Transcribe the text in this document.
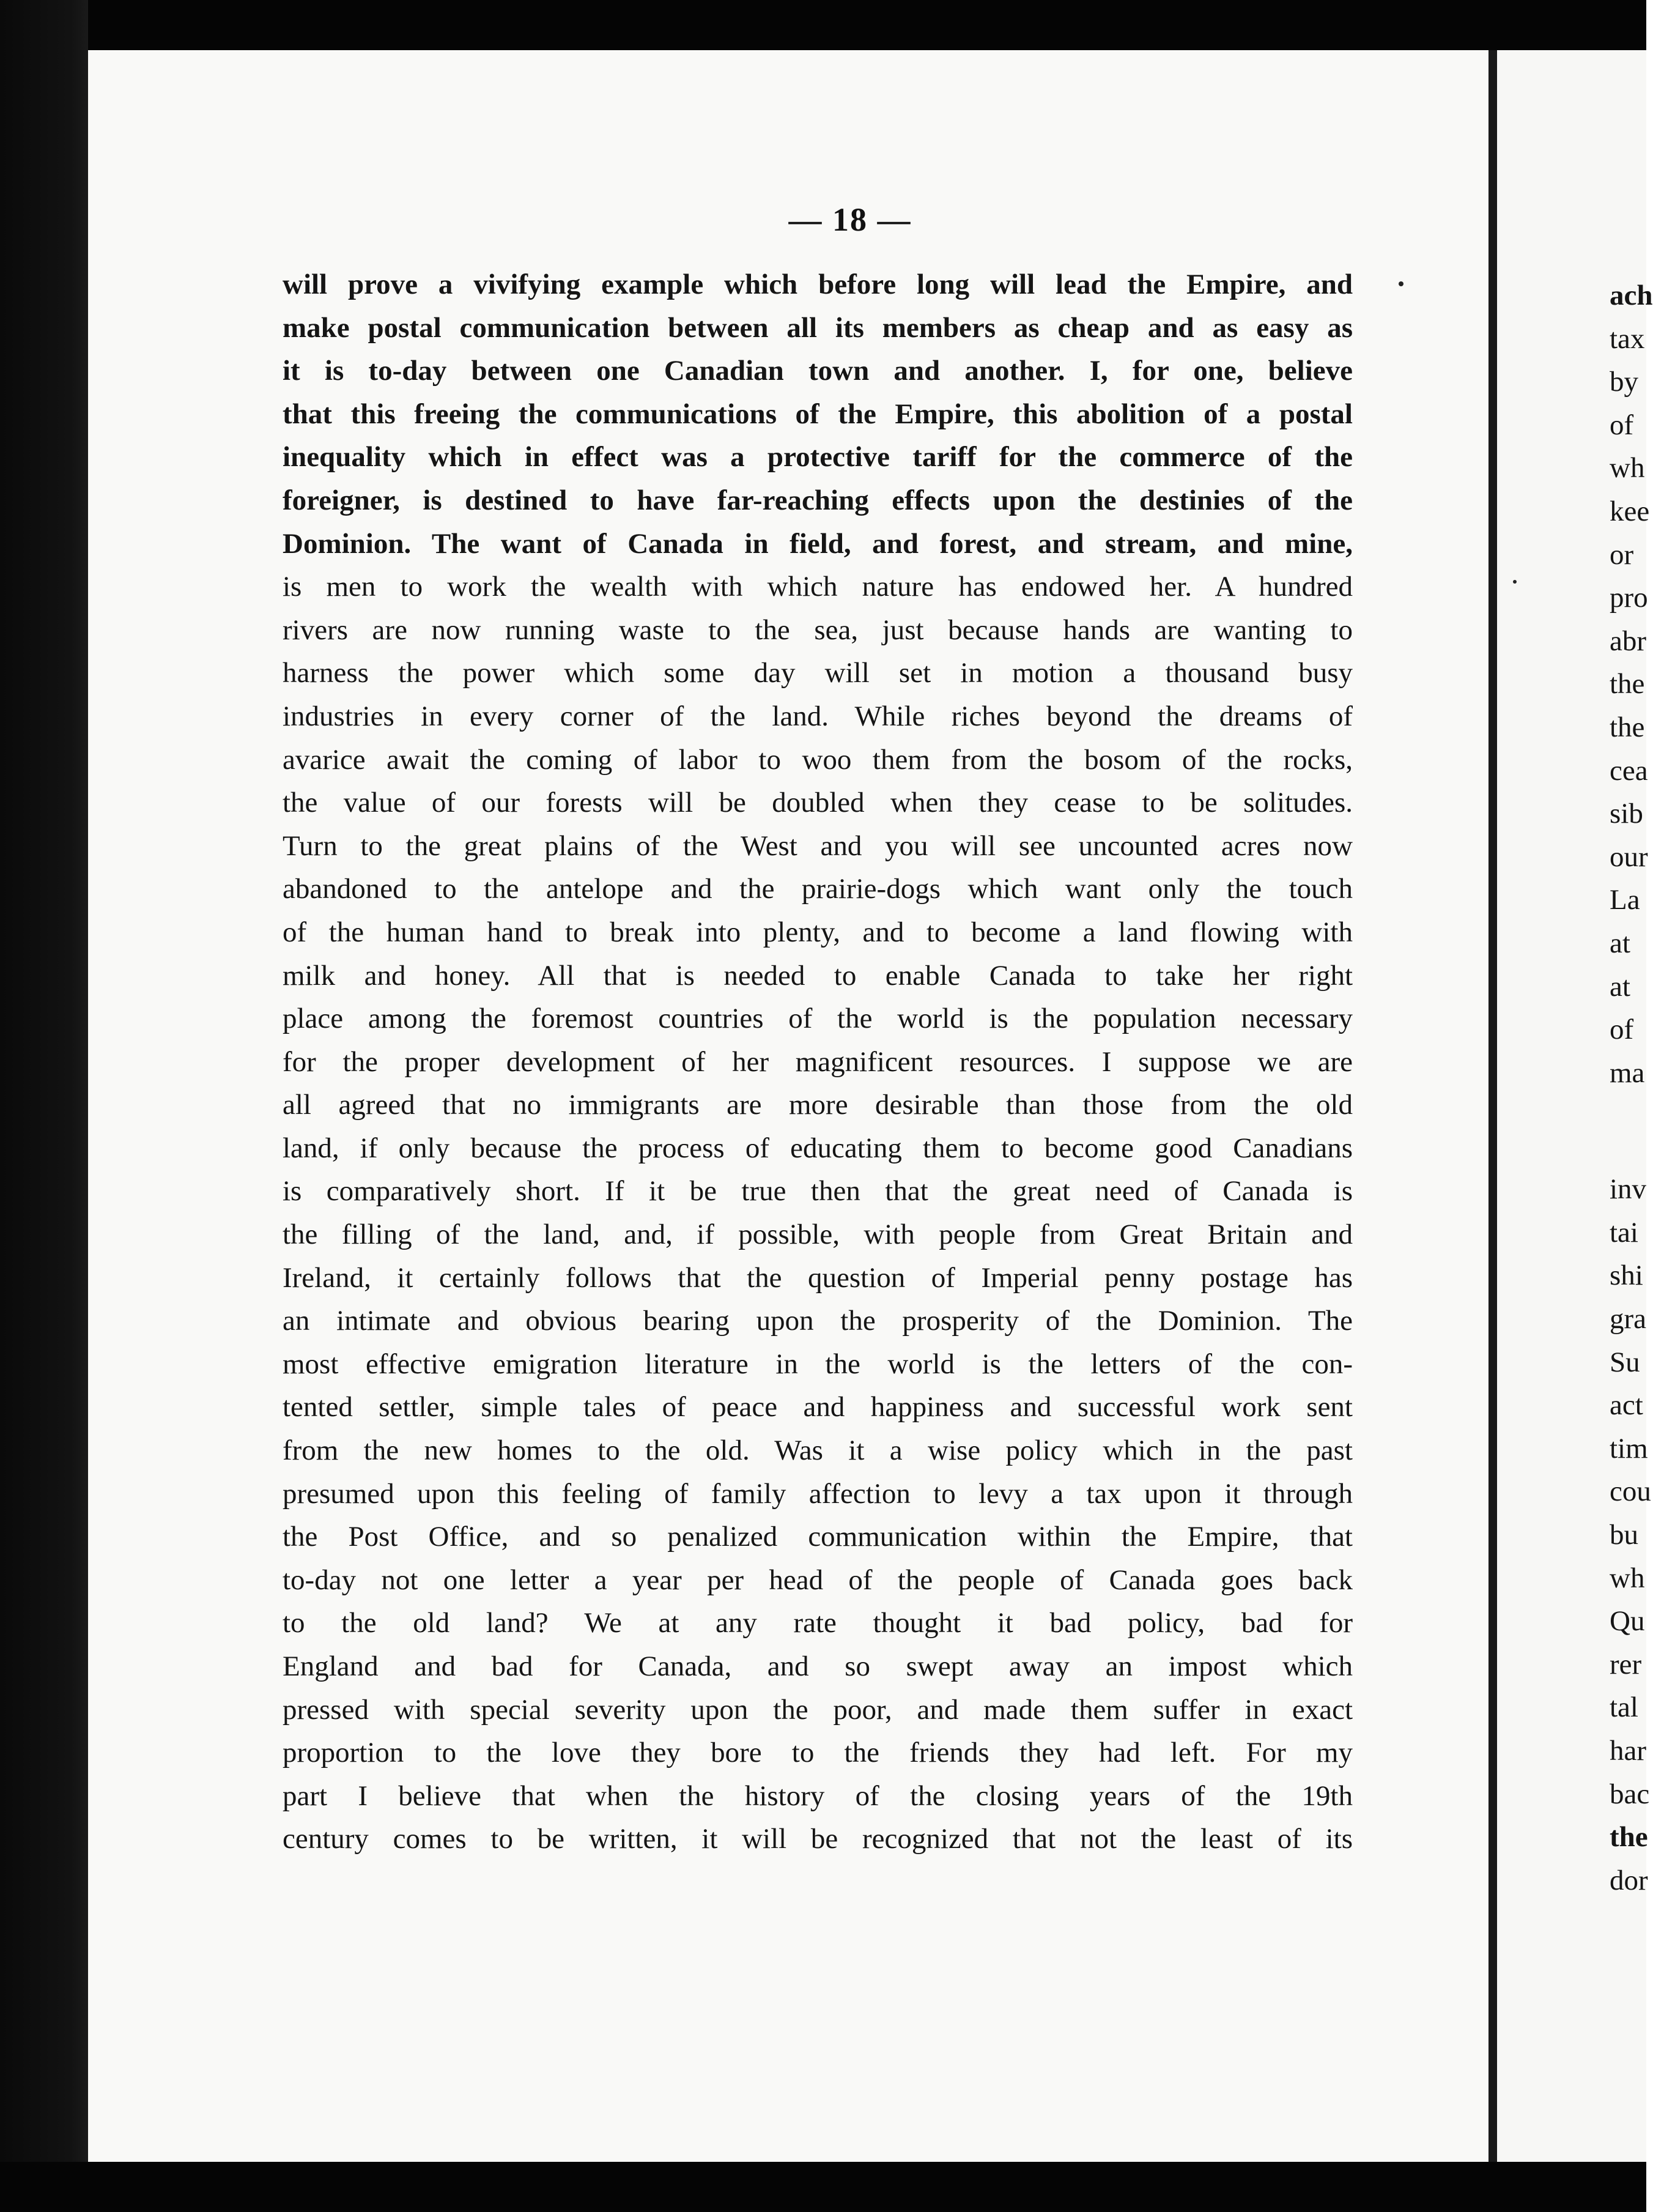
— 18 —
will prove a vivifying example which before long will lead the Empire, and
make postal communication between all its members as cheap and as easy as
it is to-day between one Canadian town and another. I, for one, believe
that this freeing the communications of the Empire, this abolition of a postal
inequality which in effect was a protective tariff for the commerce of the
foreigner, is destined to have far-reaching effects upon the destinies of the
Dominion. The want of Canada in field, and forest, and stream, and mine,
is men to work the wealth with which nature has endowed her. A hundred
rivers are now running waste to the sea, just because hands are wanting to
harness the power which some day will set in motion a thousand busy
industries in every corner of the land. While riches beyond the dreams of
avarice await the coming of labor to woo them from the bosom of the rocks,
the value of our forests will be doubled when they cease to be solitudes.
Turn to the great plains of the West and you will see uncounted acres now
abandoned to the antelope and the prairie-dogs which want only the touch
of the human hand to break into plenty, and to become a land flowing with
milk and honey. All that is needed to enable Canada to take her right
place among the foremost countries of the world is the population necessary
for the proper development of her magnificent resources. I suppose we are
all agreed that no immigrants are more desirable than those from the old
land, if only because the process of educating them to become good Canadians
is comparatively short. If it be true then that the great need of Canada is
the filling of the land, and, if possible, with people from Great Britain and
Ireland, it certainly follows that the question of Imperial penny postage has
an intimate and obvious bearing upon the prosperity of the Dominion. The
most effective emigration literature in the world is the letters of the con-
tented settler, simple tales of peace and happiness and successful work sent
from the new homes to the old. Was it a wise policy which in the past
presumed upon this feeling of family affection to levy a tax upon it through
the Post Office, and so penalized communication within the Empire, that
to-day not one letter a year per head of the people of Canada goes back
to the old land? We at any rate thought it bad policy, bad for
England and bad for Canada, and so swept away an impost which
pressed with special severity upon the poor, and made them suffer in exact
proportion to the love they bore to the friends they had left. For my
part I believe that when the history of the closing years of the 19th
century comes to be written, it will be recognized that not the least of its
ach
tax
by
of
wh
kee
or
pro
abr
the
the
cea
sib
our
La
at
at
of
ma
inv
tai
shi
gra
Su
act
tim
cou
bu
wh
Qu
rer
tal
har
bac
the
dor
